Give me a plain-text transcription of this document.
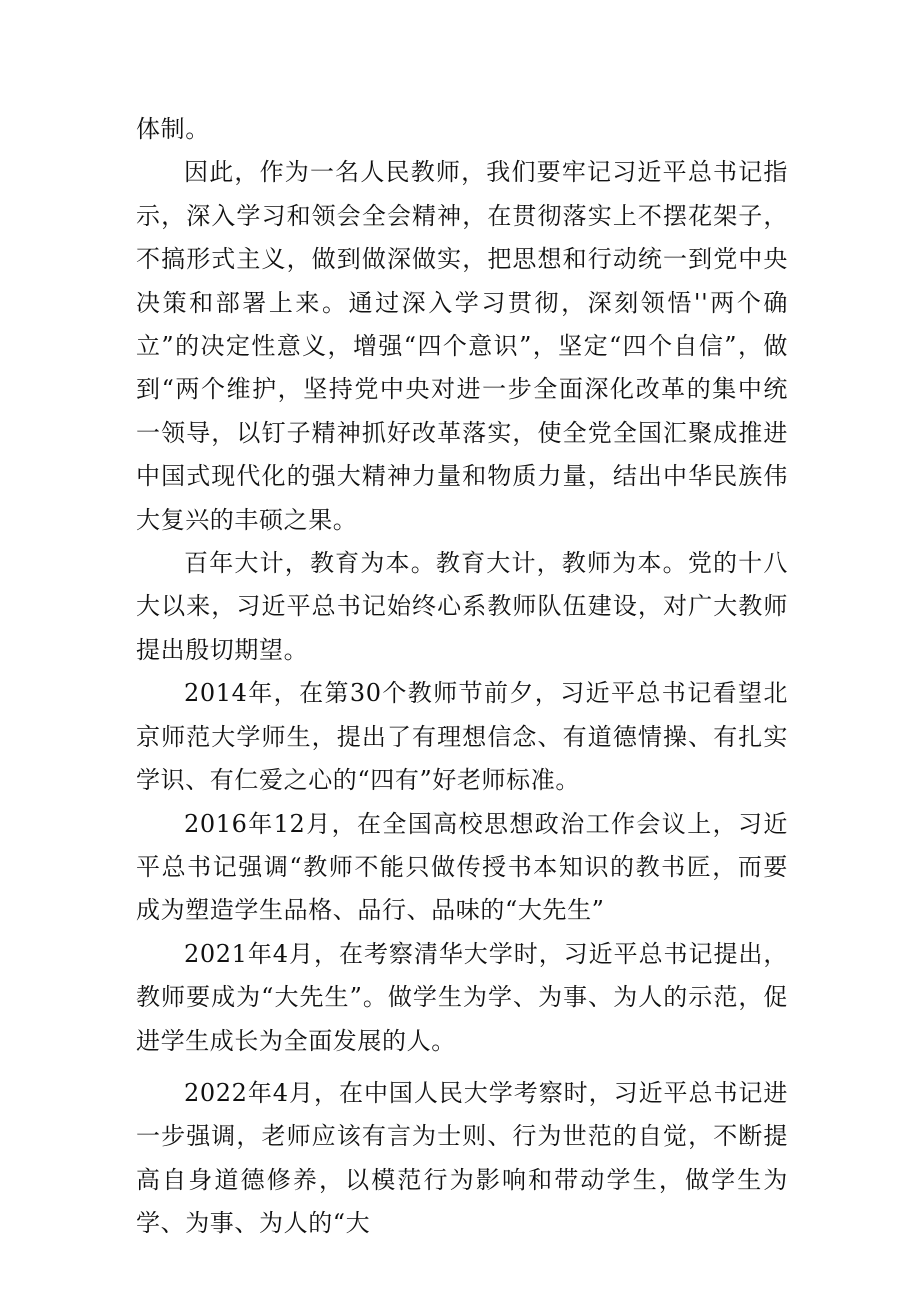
体制。

因此，作为一名人民教师，我们要牢记习近平总书记指示，深入学习和领会全会精神，在贯彻落实上不摆花架子，不搞形式主义，做到做深做实，把思想和行动统一到党中央决策和部署上来。通过深入学习贯彻，深刻领悟''两个确立”的决定性意义，增强“四个意识”，坚定“四个自信”，做到“两个维护，坚持党中央对进一步全面深化改革的集中统一领导，以钉子精神抓好改革落实，使全党全国汇聚成推进中国式现代化的强大精神力量和物质力量，结出中华民族伟大复兴的丰硕之果。

百年大计，教育为本。教育大计，教师为本。党的十八大以来，习近平总书记始终心系教师队伍建设，对广大教师提出殷切期望。

2014年，在第30个教师节前夕，习近平总书记看望北京师范大学师生，提出了有理想信念、有道德情操、有扎实学识、有仁爱之心的“四有”好老师标准。

2016年12月，在全国高校思想政治工作会议上，习近平总书记强调“教师不能只做传授书本知识的教书匠，而要成为塑造学生品格、品行、品味的“大先生”

2021年4月，在考察清华大学时，习近平总书记提出，教师要成为“大先生”。做学生为学、为事、为人的示范，促进学生成长为全面发展的人。

2022年4月，在中国人民大学考察时，习近平总书记进一步强调，老师应该有言为士则、行为世范的自觉，不断提高自身道德修养，以模范行为影响和带动学生，做学生为学、为事、为人的“大
